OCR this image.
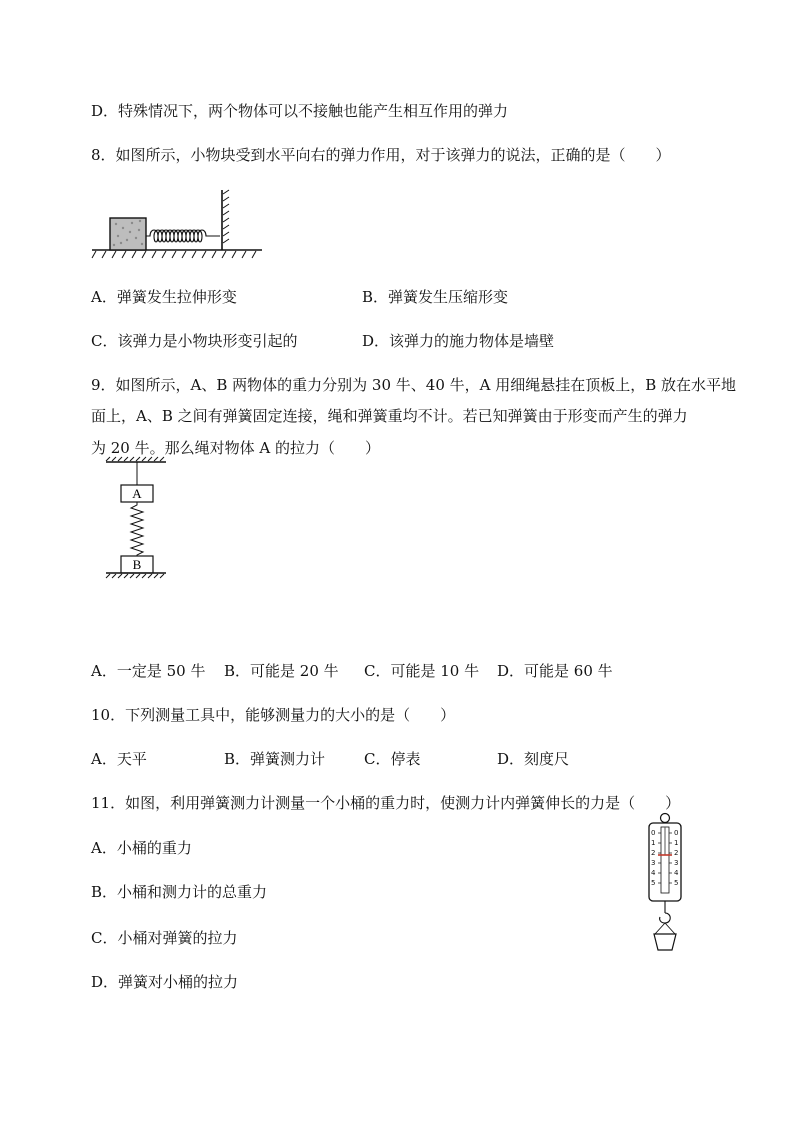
D．特殊情况下，两个物体可以不接触也能产生相互作用的弹力
8．如图所示，小物块受到水平向右的弹力作用，对于该弹力的说法，正确的是（　　）
A．弹簧发生拉伸形变	B．弹簧发生压缩形变
C．该弹力是小物块形变引起的	D．该弹力的施力物体是墙壁
9．如图所示，A、B 两物体的重力分别为 30 牛、40 牛，A 用细绳悬挂在顶板上，B 放在水平地
面上，A、B 之间有弹簧固定连接，绳和弹簧重均不计。若已知弹簧由于形变而产生的弹力
为 20 牛。那么绳对物体 A 的拉力（　　）
A
B
A．一定是 50 牛 B．可能是 20 牛 C．可能是 10 牛 D．可能是 60 牛
10．下列测量工具中，能够测量力的大小的是（　　）
A．天平	B．弹簧测力计	C．停表	D．刻度尺
11．如图，利用弹簧测力计测量一个小桶的重力时，使测力计内弹簧伸长的力是（　　）
A．小桶的重力
B．小桶和测力计的总重力
C．小桶对弹簧的拉力
D．弹簧对小桶的拉力
0
1
2
3
4
5
0
1
2
3
4
5
